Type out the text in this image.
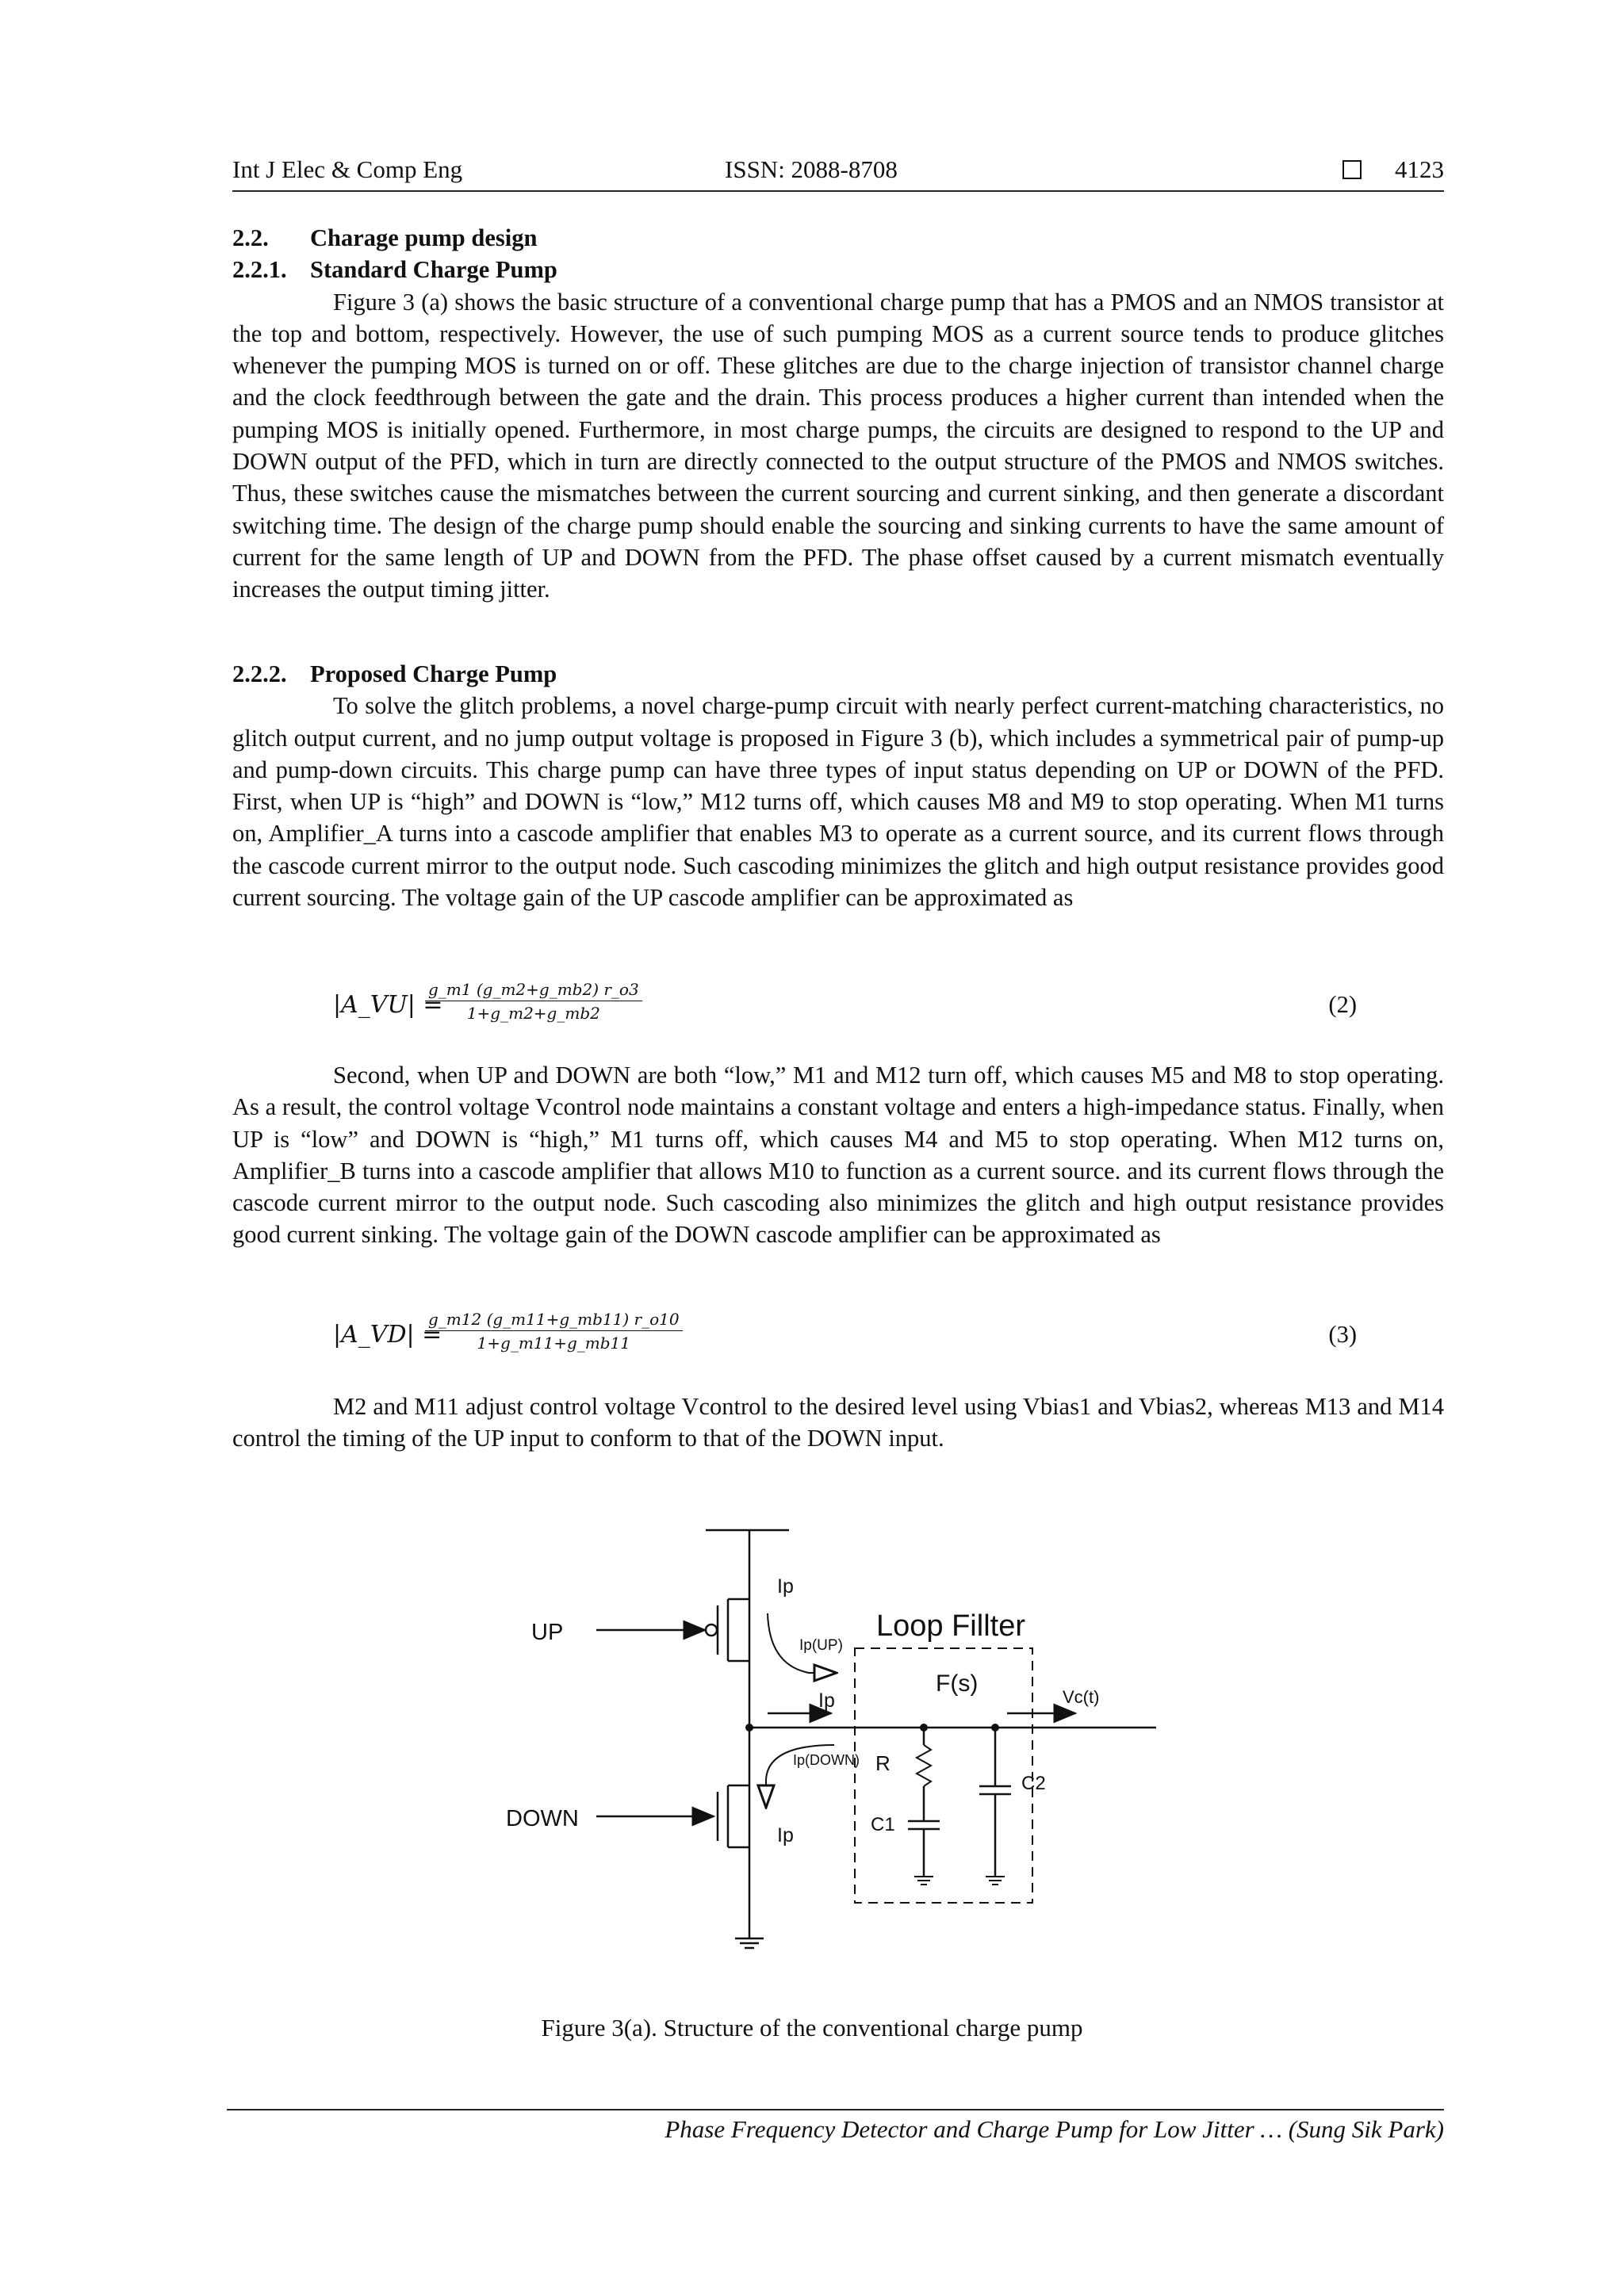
Int J Elec & Comp Eng	ISSN: 2088-8708	4123
2.2. Charage pump design
2.2.1. Standard Charge Pump

Figure 3 (a) shows the basic structure of a conventional charge pump that has a PMOS and an NMOS transistor at the top and bottom, respectively. However, the use of such pumping MOS as a current source tends to produce glitches whenever the pumping MOS is turned on or off. These glitches are due to the charge injection of transistor channel charge and the clock feedthrough between the gate and the drain. This process produces a higher current than intended when the pumping MOS is initially opened. Furthermore, in most charge pumps, the circuits are designed to respond to the UP and DOWN output of the PFD, which in turn are directly connected to the output structure of the PMOS and NMOS switches. Thus, these switches cause the mismatches between the current sourcing and current sinking, and then generate a discordant switching time. The design of the charge pump should enable the sourcing and sinking currents to have the same amount of current for the same length of UP and DOWN from the PFD. The phase offset caused by a current mismatch eventually increases the output timing jitter.

2.2.2. Proposed Charge Pump

To solve the glitch problems, a novel charge-pump circuit with nearly perfect current-matching characteristics, no glitch output current, and no jump output voltage is proposed in Figure 3 (b), which includes a symmetrical pair of pump-up and pump-down circuits. This charge pump can have three types of input status depending on UP or DOWN of the PFD. First, when UP is “high” and DOWN is “low,” M12 turns off, which causes M8 and M9 to stop operating. When M1 turns on, Amplifier_A turns into a cascode amplifier that enables M3 to operate as a current source, and its current flows through the cascode current mirror to the output node. Such cascoding minimizes the glitch and high output resistance provides good current sourcing. The voltage gain of the UP cascode amplifier can be approximated as

|A_VU| =
$\frac{g\_m1 (g\_m2+g\_mb2) r\_o3}{1+g\_m2+g\_mb2}$	(2)

Second, when UP and DOWN are both “low,” M1 and M12 turn off, which causes M5 and M8 to stop operating. As a result, the control voltage Vcontrol node maintains a constant voltage and enters a high-impedance status. Finally, when UP is “low” and DOWN is “high,” M1 turns off, which causes M4 and M5 to stop operating. When M12 turns on, Amplifier_B turns into a cascode amplifier that allows M10 to function as a current source. and its current flows through the cascode current mirror to the output node. Such cascoding also minimizes the glitch and high output resistance provides good current sinking. The voltage gain of the DOWN cascode amplifier can be approximated as

|A_VD| =
$\frac{g\_m12 (g\_m11+g\_mb11) r\_o10}{1+g\_m11+g\_mb11}$	(3)

M2 and M11 adjust control voltage Vcontrol to the desired level using Vbias1 and Vbias2, whereas M13 and M14 control the timing of the UP input to conform to that of the DOWN input.

UP
DOWN
Ip
Ip(UP)
Ip
Ip(DOWN)
Ip
Loop Fillter
F(s)
Vc(t)
R
C1
C2
Figure 3(a). Structure of the conventional charge pump
Phase Frequency Detector and Charge Pump for Low Jitter … (Sung Sik Park)
